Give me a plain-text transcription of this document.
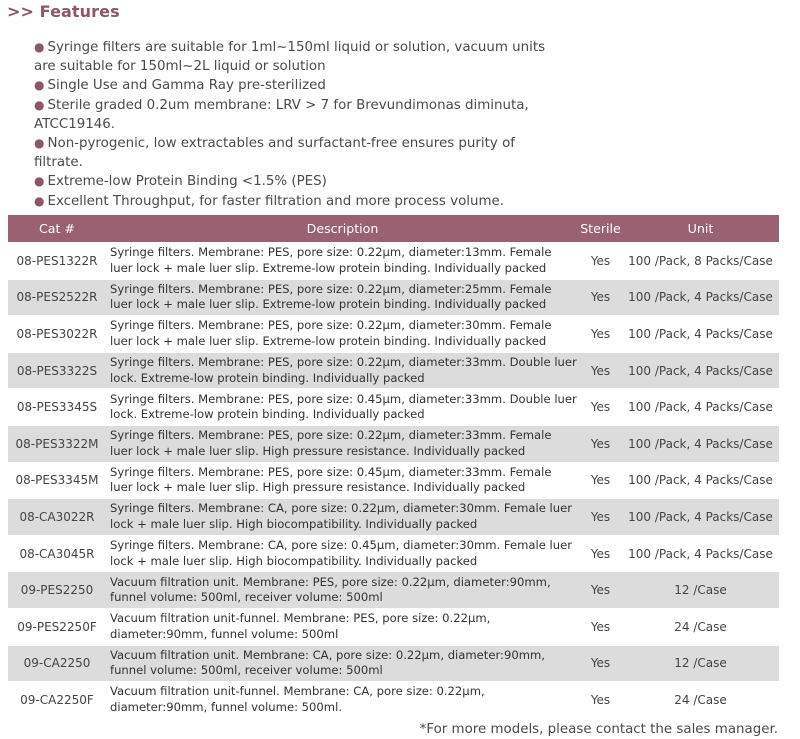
>> Features
● Syringe filters are suitable for 1ml~150ml liquid or solution, vacuum units are suitable for 150ml~2L liquid or solution
● Single Use and Gamma Ray pre-sterilized
● Sterile graded 0.2um membrane: LRV > 7 for Brevundimonas diminuta, ATCC19146.
● Non-pyrogenic, low extractables and surfactant-free ensures purity of filtrate.
● Extreme-low Protein Binding <1.5% (PES)
● Excellent Throughput, for faster filtration and more process volume.
Cat #	Description	Sterile	Unit
08-PES1322R	Syringe filters. Membrane: PES, pore size: 0.22μm, diameter:13mm. Female luer lock + male luer slip. Extreme-low protein binding. Individually packed	Yes	100 /Pack, 8 Packs/Case
08-PES2522R	Syringe filters. Membrane: PES, pore size: 0.22μm, diameter:25mm. Female luer lock + male luer slip. Extreme-low protein binding. Individually packed	Yes	100 /Pack, 4 Packs/Case
08-PES3022R	Syringe filters. Membrane: PES, pore size: 0.22μm, diameter:30mm. Female luer lock + male luer slip. Extreme-low protein binding. Individually packed	Yes	100 /Pack, 4 Packs/Case
08-PES3322S	Syringe filters. Membrane: PES, pore size: 0.22μm, diameter:33mm. Double luer lock. Extreme-low protein binding. Individually packed	Yes	100 /Pack, 4 Packs/Case
08-PES3345S	Syringe filters. Membrane: PES, pore size: 0.45μm, diameter:33mm. Double luer lock. Extreme-low protein binding. Individually packed	Yes	100 /Pack, 4 Packs/Case
08-PES3322M	Syringe filters. Membrane: PES, pore size: 0.22μm, diameter:33mm. Female luer lock + male luer slip. High pressure resistance. Individually packed	Yes	100 /Pack, 4 Packs/Case
08-PES3345M	Syringe filters. Membrane: PES, pore size: 0.45μm, diameter:33mm. Female luer lock + male luer slip. High pressure resistance. Individually packed	Yes	100 /Pack, 4 Packs/Case
08-CA3022R	Syringe filters. Membrane: CA, pore size: 0.22μm, diameter:30mm. Female luer lock + male luer slip. High biocompatibility. Individually packed	Yes	100 /Pack, 4 Packs/Case
08-CA3045R	Syringe filters. Membrane: CA, pore size: 0.45μm, diameter:30mm. Female luer lock + male luer slip. High biocompatibility. Individually packed	Yes	100 /Pack, 4 Packs/Case
09-PES2250	Vacuum filtration unit. Membrane: PES, pore size: 0.22μm, diameter:90mm, funnel volume: 500ml, receiver volume: 500ml	Yes	12 /Case
09-PES2250F	Vacuum filtration unit-funnel. Membrane: PES, pore size: 0.22μm, diameter:90mm, funnel volume: 500ml	Yes	24 /Case
09-CA2250	Vacuum filtration unit. Membrane: CA, pore size: 0.22μm, diameter:90mm, funnel volume: 500ml, receiver volume: 500ml	Yes	12 /Case
09-CA2250F	Vacuum filtration unit-funnel. Membrane: CA, pore size: 0.22μm, diameter:90mm, funnel volume: 500ml.	Yes	24 /Case
*For more models, please contact the sales manager.
